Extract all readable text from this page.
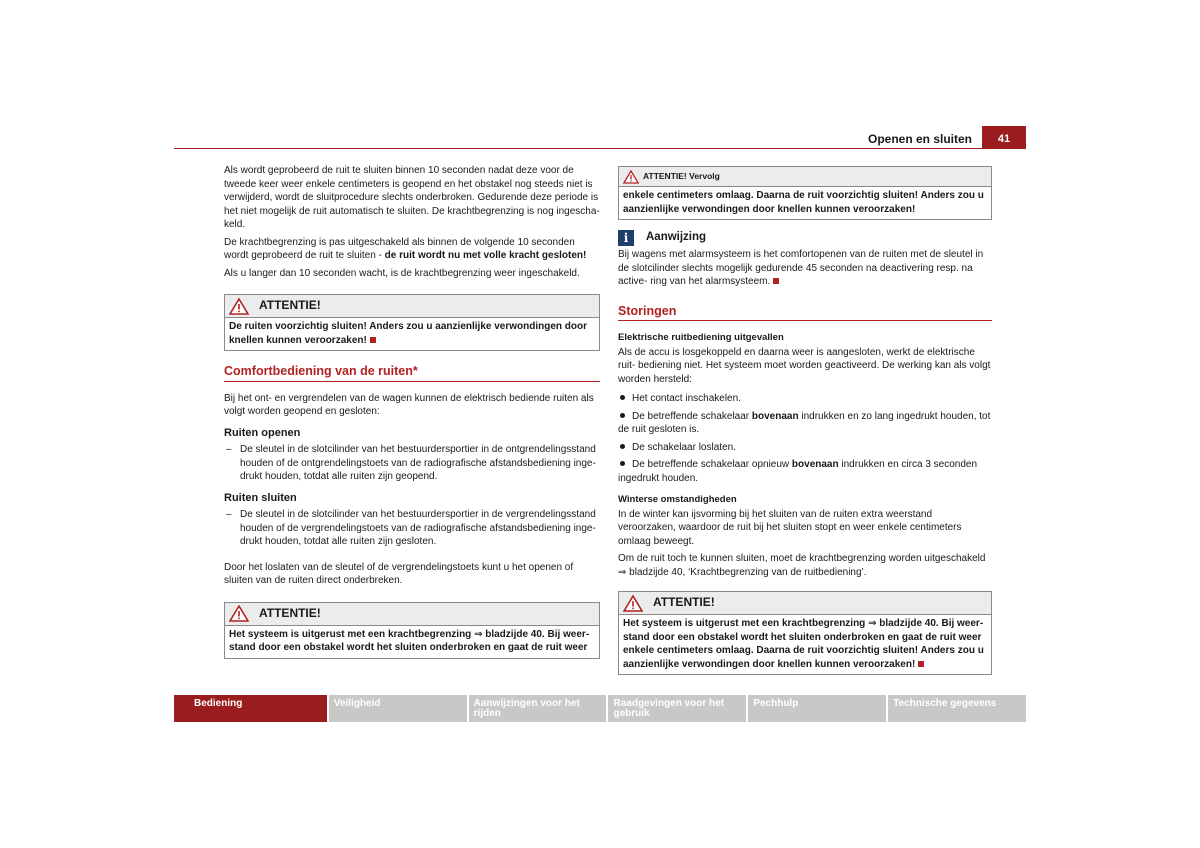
Openen en sluiten	41

Als wordt geprobeerd de ruit te sluiten binnen 10 seconden nadat deze voor de tweede keer weer enkele centimeters is geopend en het obstakel nog steeds niet is verwijderd, wordt de sluitprocedure slechts onderbroken. Gedurende deze periode is het niet mogelijk de ruit automatisch te sluiten. De krachtbegrenzing is nog ingescha- keld.

De krachtbegrenzing is pas uitgeschakeld als binnen de volgende 10 seconden wordt geprobeerd de ruit te sluiten - de ruit wordt nu met volle kracht gesloten!

Als u langer dan 10 seconden wacht, is de krachtbegrenzing weer ingeschakeld.

ATTENTIE!
De ruiten voorzichtig sluiten! Anders zou u aanzienlijke verwondingen door knellen kunnen veroorzaken!
Comfortbediening van de ruiten*

Bij het ont- en vergrendelen van de wagen kunnen de elektrisch bediende ruiten als volgt worden geopend en gesloten:

Ruiten openen
– De sleutel in de slotcilinder van het bestuurdersportier in de ontgrendelingsstand houden of de ontgrendelingstoets van de radiografische afstandsbediening inge- drukt houden, totdat alle ruiten zijn geopend.
Ruiten sluiten
– De sleutel in de slotcilinder van het bestuurdersportier in de vergrendelingsstand houden of de vergrendelingstoets van de radiografische afstandsbediening inge- drukt houden, totdat alle ruiten zijn gesloten.

Door het loslaten van de sleutel of de vergrendelingstoets kunt u het openen of sluiten van de ruiten direct onderbreken.

ATTENTIE!
Het systeem is uitgerust met een krachtbegrenzing ⇒ bladzijde 40. Bij weer- stand door een obstakel wordt het sluiten onderbroken en gaat de ruit weer
ATTENTIE! Vervolg
enkele centimeters omlaag. Daarna de ruit voorzichtig sluiten! Anders zou u aanzienlijke verwondingen door knellen kunnen veroorzaken!
i	Aanwijzing

Bij wagens met alarmsysteem is het comfortopenen van de ruiten met de sleutel in de slotcilinder slechts mogelijk gedurende 45 seconden na deactivering resp. na active- ring van het alarmsysteem.

Storingen
Elektrische ruitbediening uitgevallen

Als de accu is losgekoppeld en daarna weer is aangesloten, werkt de elektrische ruit- bediening niet. Het systeem moet worden geactiveerd. De werking kan als volgt worden hersteld:

Het contact inschakelen.
De betreffende schakelaar bovenaan indrukken en zo lang ingedrukt houden, tot de ruit gesloten is.
De schakelaar loslaten.
De betreffende schakelaar opnieuw bovenaan indrukken en circa 3 seconden ingedrukt houden.
Winterse omstandigheden

In de winter kan ijsvorming bij het sluiten van de ruiten extra weerstand veroorzaken, waardoor de ruit bij het sluiten stopt en weer enkele centimeters omlaag beweegt.

Om de ruit toch te kunnen sluiten, moet de krachtbegrenzing worden uitgeschakeld ⇒ bladzijde 40, ‘Krachtbegrenzing van de ruitbediening’.

ATTENTIE!
Het systeem is uitgerust met een krachtbegrenzing ⇒ bladzijde 40. Bij weer- stand door een obstakel wordt het sluiten onderbroken en gaat de ruit weer enkele centimeters omlaag. Daarna de ruit voorzichtig sluiten! Anders zou u aanzienlijke verwondingen door knellen kunnen veroorzaken!
Bediening	Veiligheid	Aanwijzingen voor het rijden
Raadgevingen voor het gebruik
Pechhulp	Technische gegevens
